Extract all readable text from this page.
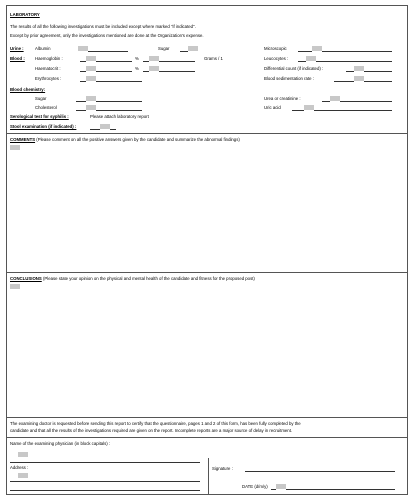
LABORATORY
The results of all the following investigations must be included except where marked "if indicated".
Except by prior agreement, only the investigations mentioned are done at the Organization's expense.
Urine :	Albumin	Sugar	Microscopic
Blood : Haemoglobin :	%	Grams / 1	Leucocytes :
Haematocrit :	%	Differential count (if indicated) :
Erythrocytes :	Blood sedimentation rate :
Blood chemistry:
Sugar	Urea or creatinine :
Cholesterol	Uric acid
Serological test for syphilis :	Please attach laboratory report
Stool examination (if indicated) :
COMMENTS (Please comment on all the positive answers given by the candidate and summarize the abnormal findings)
CONCLUSIONS (Please state your opinion on the physical and mental health of the candidate and fitness for the proposed post)
The examining doctor is requested before sending this report to certify that the questionnaire, pages 1 and 2 of this form, has been fully completed by the
candidate and that all the results of the investigations required are given on the report. Incomplete reports are a major source of delay in recruitment.
Name of the examining physician (in block capitals) :
Address :	Signature :
DATE (d/m/y)
